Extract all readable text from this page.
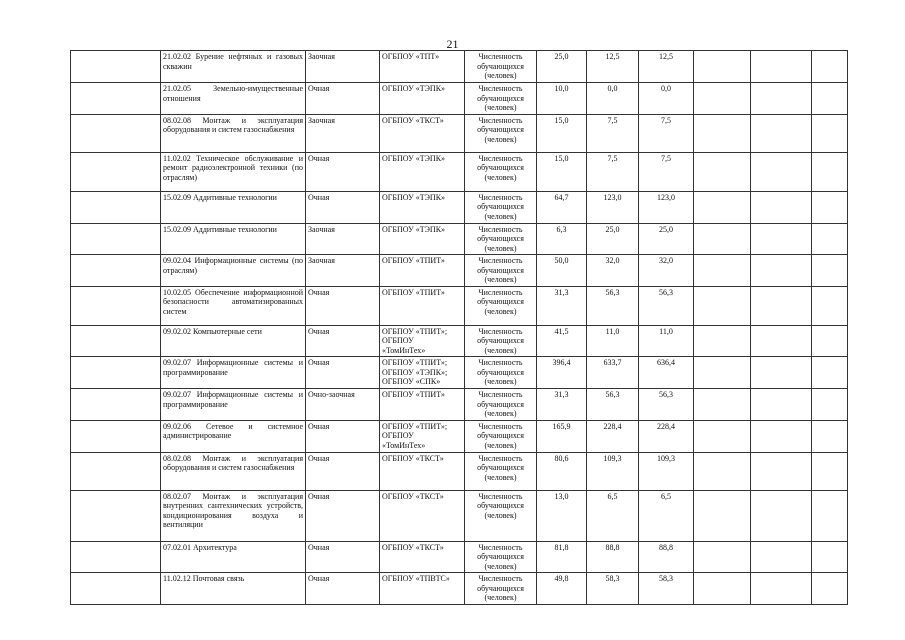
21
	21.02.02 Бурение нефтяных и газовых скважин	Заочная	ОГБПОУ «ТПТ»	Численность обучающихся (человек)	25,0	12,5	12,5			
	21.02.05 Земельно-имущественные отношения	Очная	ОГБПОУ «ТЭПК»	Численность обучающихся (человек)	10,0	0,0	0,0			
	08.02.08 Монтаж и эксплуатация оборудования и систем газоснабжения	Заочная	ОГБПОУ «ТКСТ»	Численность обучающихся (человек)	15,0	7,5	7,5			
	11.02.02 Техническое обслуживание и ремонт радиоэлектронной техники (по отраслям)	Очная	ОГБПОУ «ТЭПК»	Численность обучающихся (человек)	15,0	7,5	7,5			
	15.02.09 Аддитивные технологии	Очная	ОГБПОУ «ТЭПК»	Численность обучающихся (человек)	64,7	123,0	123,0			
	15.02.09 Аддитивные технологии	Заочная	ОГБПОУ «ТЭПК»	Численность обучающихся (человек)	6,3	25,0	25,0			
	09.02.04 Информационные системы (по отраслям)	Заочная	ОГБПОУ «ТПИТ»	Численность обучающихся (человек)	50,0	32,0	32,0			
	10.02.05 Обеспечение информационной безопасности автоматизированных систем	Очная	ОГБПОУ «ТПИТ»	Численность обучающихся (человек)	31,3	56,3	56,3			
	09.02.02 Компьютерные сети	Очная	ОГБПОУ «ТПИТ»;
ОГБПОУ
«ТомИнТех»	Численность обучающихся (человек)	41,5	11,0	11,0			
	09.02.07 Информационные системы и программирование	Очная	ОГБПОУ «ТПИТ»;
ОГБПОУ «ТЭПК»;
ОГБПОУ «СПК»	Численность обучающихся (человек)	396,4	633,7	636,4			
	09.02.07 Информационные системы и программирование	Очно-заочная	ОГБПОУ «ТПИТ»	Численность обучающихся (человек)	31,3	56,3	56,3			
	09.02.06 Сетевое и системное администрирование	Очная	ОГБПОУ «ТПИТ»;
ОГБПОУ
«ТомИнТех»	Численность обучающихся (человек)	165,9	228,4	228,4			
	08.02.08 Монтаж и эксплуатация оборудования и систем газоснабжения	Очная	ОГБПОУ «ТКСТ»	Численность обучающихся (человек)	80,6	109,3	109,3			
	08.02.07 Монтаж и эксплуатация внутренних сантехнических устройств, кондиционирования воздуха и вентиляции	Очная	ОГБПОУ «ТКСТ»	Численность обучающихся (человек)	13,0	6,5	6,5			
	07.02.01 Архитектура	Очная	ОГБПОУ «ТКСТ»	Численность обучающихся (человек)	81,8	88,8	88,8			
	11.02.12 Почтовая связь	Очная	ОГБПОУ «ТПВТС»	Численность обучающихся (человек)	49,8	58,3	58,3			
